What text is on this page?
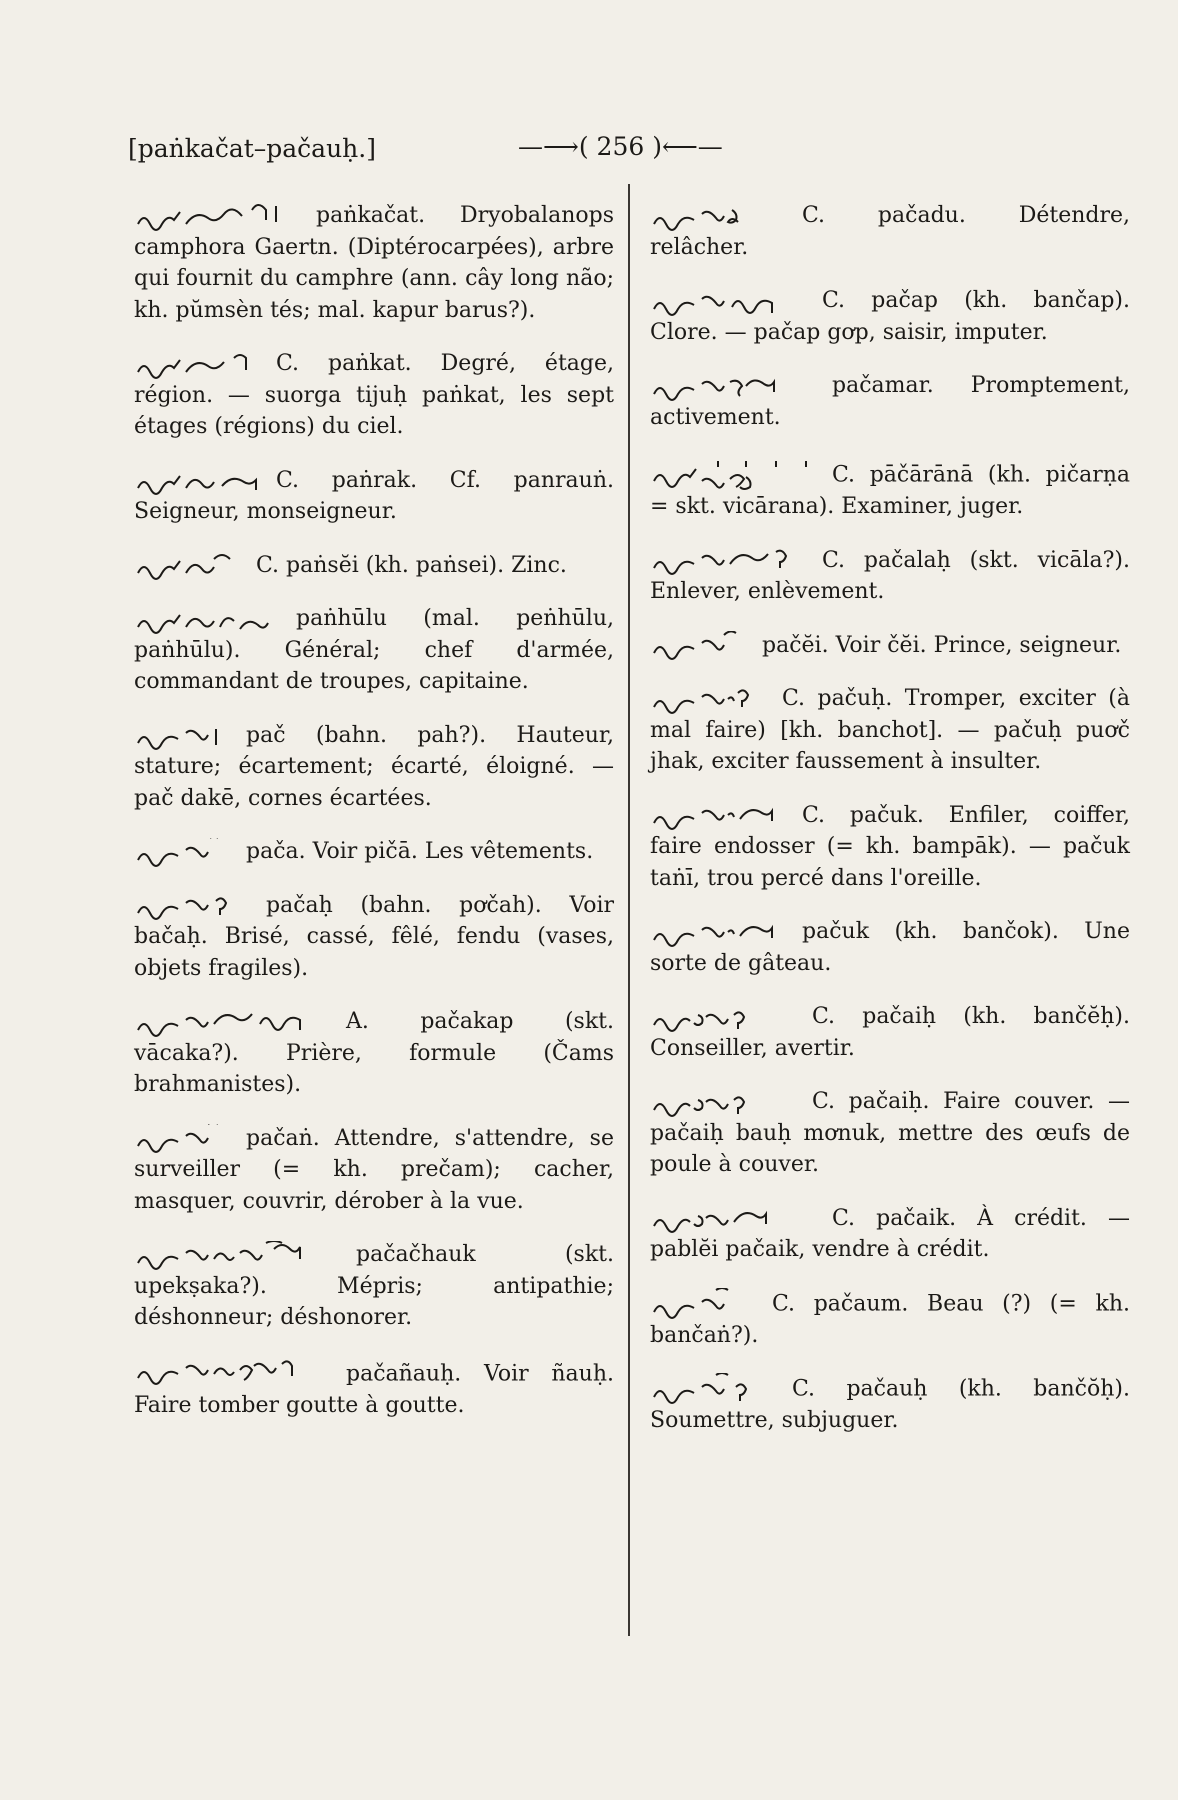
[paṅkačat–pačauḥ.]	—⟶( 256 )⟵—
paṅkačat. Dryobalanops camphora Gaertn. (Diptérocarpées), arbre qui fournit du camphre (ann. cây long não; kh. pŭmsèn tés; mal. kapur barus?).
C. paṅkat. Degré, étage, région. — suorga tijuḥ paṅkat, les sept étages (régions) du ciel.
C. paṅrak. Cf. panrauṅ. Seigneur, monseigneur.
C. paṅsĕi (kh. paṅsei). Zinc.
paṅhūlu (mal. peṅhūlu, paṅhūlu). Général; chef d'armée, commandant de troupes, capitaine.
pač (bahn. pah?). Hauteur, stature; écartement; écarté, éloigné. — pač dakē, cornes écartées.
pača. Voir pičā. Les vêtements.
pačaḥ (bahn. pơčah). Voir bačaḥ. Brisé, cassé, fêlé, fendu (vases, objets fragiles).
A. pačakap (skt. vācaka?). Prière, formule (Čams brahmanistes).
pačaṅ. Attendre, s'attendre, se surveiller (= kh. prečam); cacher, masquer, couvrir, dérober à la vue.
pačačhauk (skt. upekṣaka?). Mépris; antipathie; déshonneur; déshonorer.
pačañauḥ. Voir ñauḥ. Faire tomber goutte à goutte.
C. pačadu. Détendre, relâcher.
C. pačap (kh. bančap). Clore. — pačap gơp, saisir, imputer.
pačamar. Promptement, activement.
C. pāčārānā (kh. pičarṇa = skt. vicārana). Examiner, juger.
C. pačalaḥ (skt. vicāla?). Enlever, enlèvement.
pačĕi. Voir čĕi. Prince, seigneur.
C. pačuḥ. Tromper, exciter (à mal faire) [kh. banchot]. — pačuḥ puơč jhak, exciter faussement à insulter.
C. pačuk. Enfiler, coiffer, faire endosser (= kh. bampāk). — pačuk taṅī, trou percé dans l'oreille.
pačuk (kh. bančok). Une sorte de gâteau.
C. pačaiḥ (kh. bančĕḥ). Conseiller, avertir.
C. pačaiḥ. Faire couver. — pačaiḥ bauḥ mơnuk, mettre des œufs de poule à couver.
C. pačaik. À crédit. — pablĕi pačaik, vendre à crédit.
C. pačaum. Beau (?) (= kh. bančaṅ?).
C. pačauḥ (kh. bančŏḥ). Soumettre, subjuguer.
